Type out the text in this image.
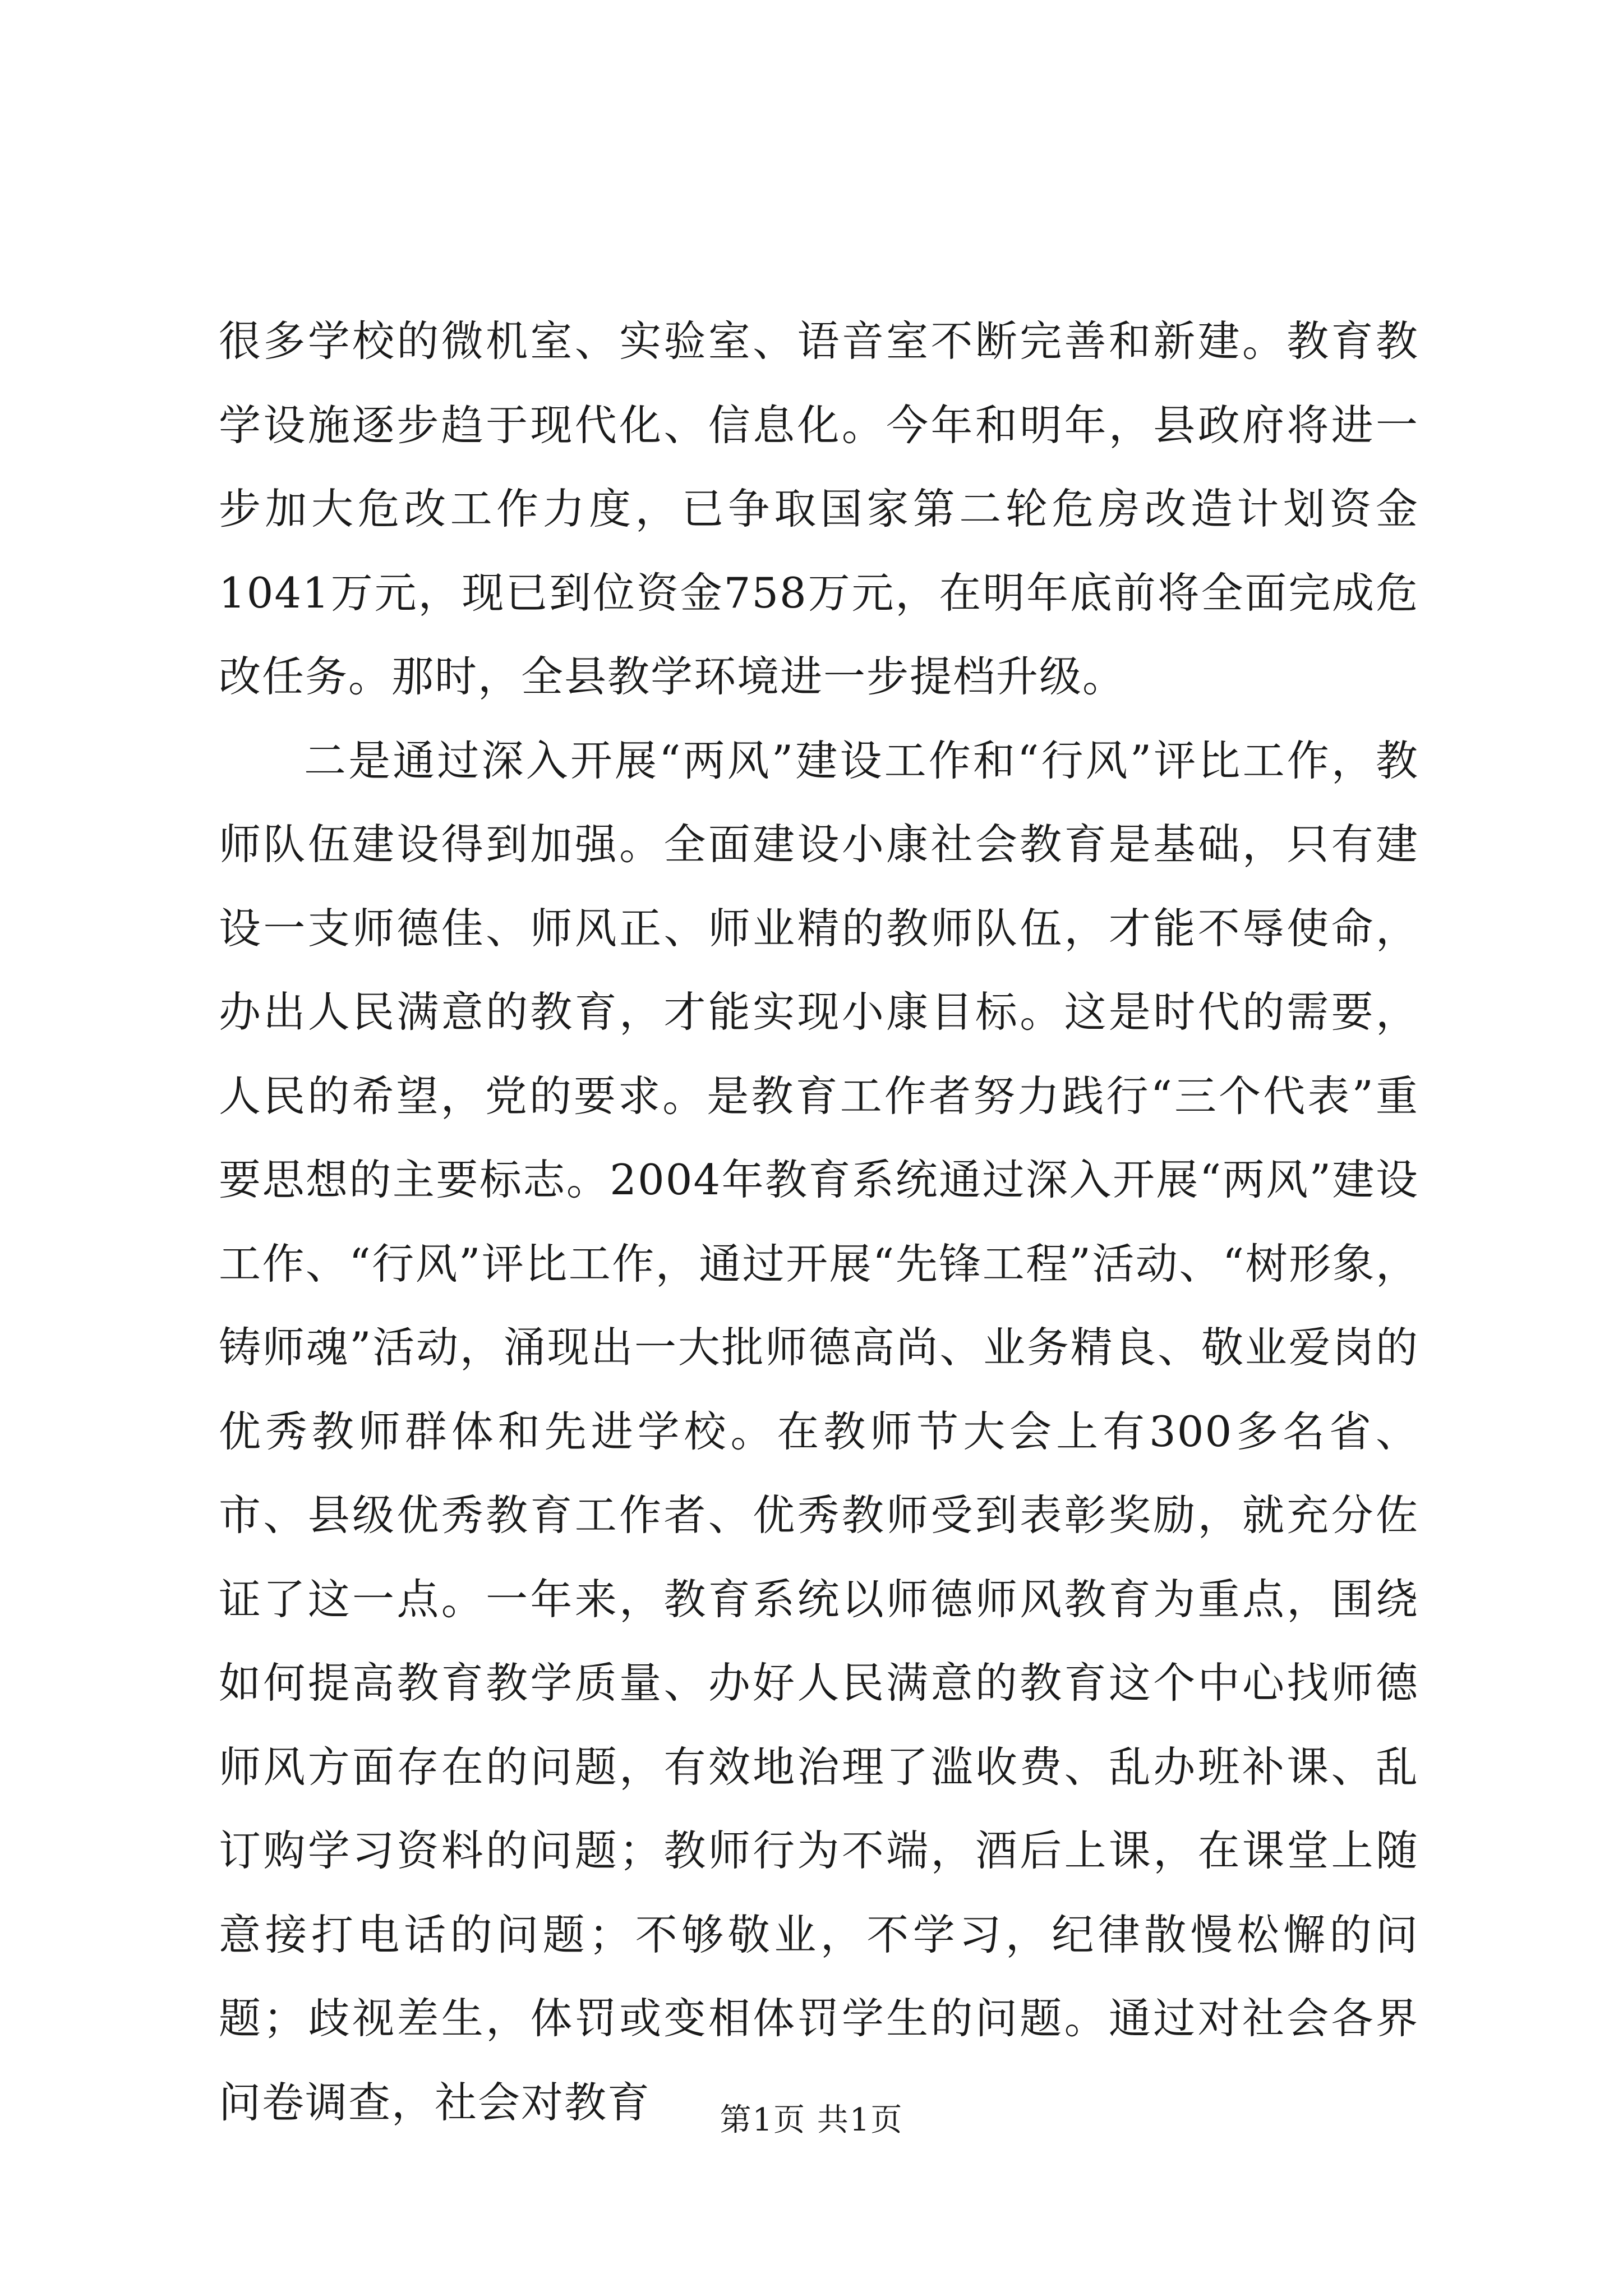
很多学校的微机室、实验室、语音室不断完善和新建。教育教学设施逐步趋于现代化、信息化。今年和明年，县政府将进一步加大危改工作力度，已争取国家第二轮危房改造计划资金1041万元，现已到位资金758万元，在明年底前将全面完成危改任务。那时，全县教学环境进一步提档升级。

二是通过深入开展“两风”建设工作和“行风”评比工作，教师队伍建设得到加强。全面建设小康社会教育是基础，只有建设一支师德佳、师风正、师业精的教师队伍，才能不辱使命，办出人民满意的教育，才能实现小康目标。这是时代的需要，人民的希望，党的要求。是教育工作者努力践行“三个代表”重要思想的主要标志。2004年教育系统通过深入开展“两风”建设工作、“行风”评比工作，通过开展“先锋工程”活动、“树形象，铸师魂”活动，涌现出一大批师德高尚、业务精良、敬业爱岗的优秀教师群体和先进学校。在教师节大会上有300多名省、市、县级优秀教育工作者、优秀教师受到表彰奖励，就充分佐证了这一点。一年来，教育系统以师德师风教育为重点，围绕如何提高教育教学质量、办好人民满意的教育这个中心找师德师风方面存在的问题，有效地治理了滥收费、乱办班补课、乱订购学习资料的问题；教师行为不端，酒后上课，在课堂上随意接打电话的问题；不够敬业，不学习，纪律散慢松懈的问题；歧视差生，体罚或变相体罚学生的问题。通过对社会各界问卷调查，社会对教育	第1页 共1页
